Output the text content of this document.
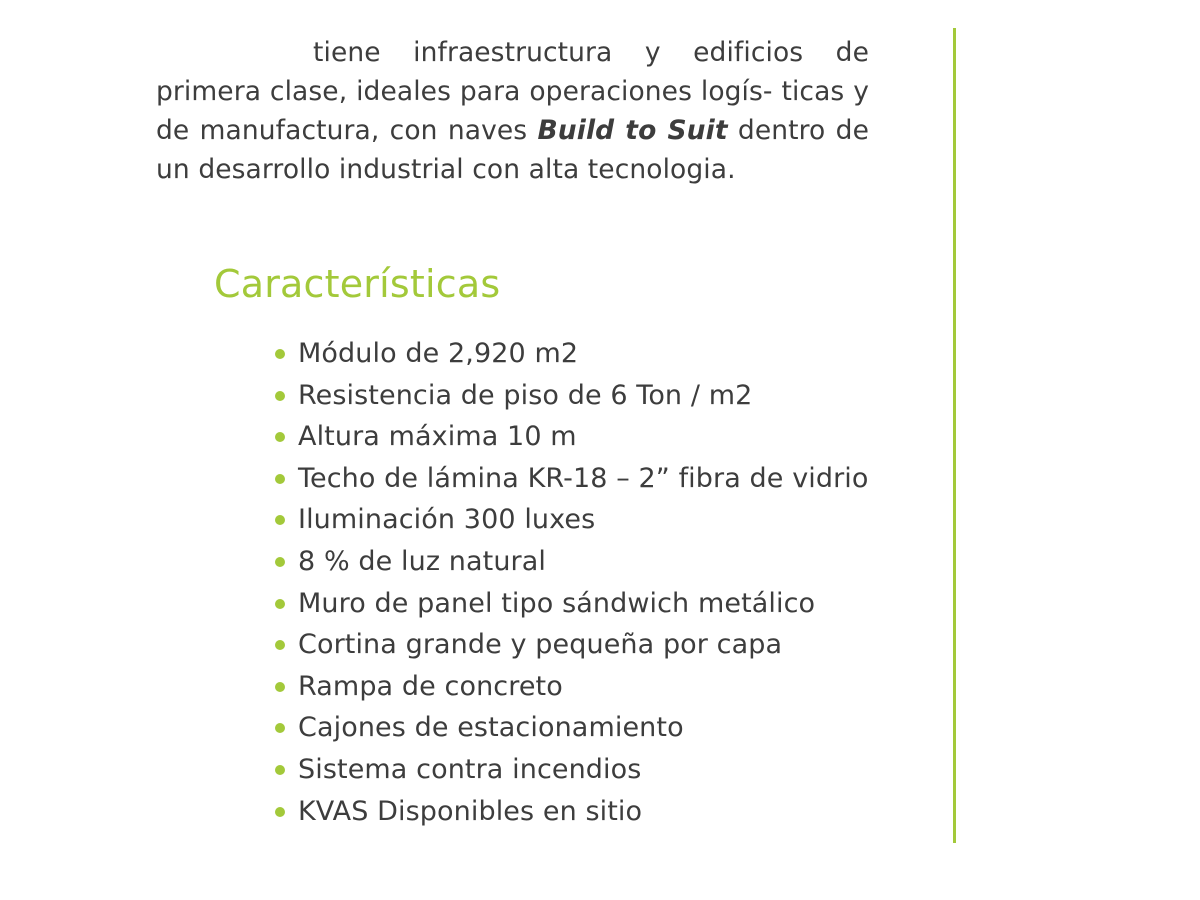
tiene infraestructura y edificios de primera clase, ideales para operaciones logís- ticas y de manufactura, con naves Build to Suit dentro de un desarrollo industrial con alta tecnologia.

Características
Módulo de 2,920 m2
Resistencia de piso de 6 Ton / m2
Altura máxima 10 m
Techo de lámina KR-18 – 2” fibra de vidrio
Iluminación 300 luxes
8 % de luz natural
Muro de panel tipo sándwich metálico
Cortina grande y pequeña por capa
Rampa de concreto
Cajones de estacionamiento
Sistema contra incendios
KVAS Disponibles en sitio
